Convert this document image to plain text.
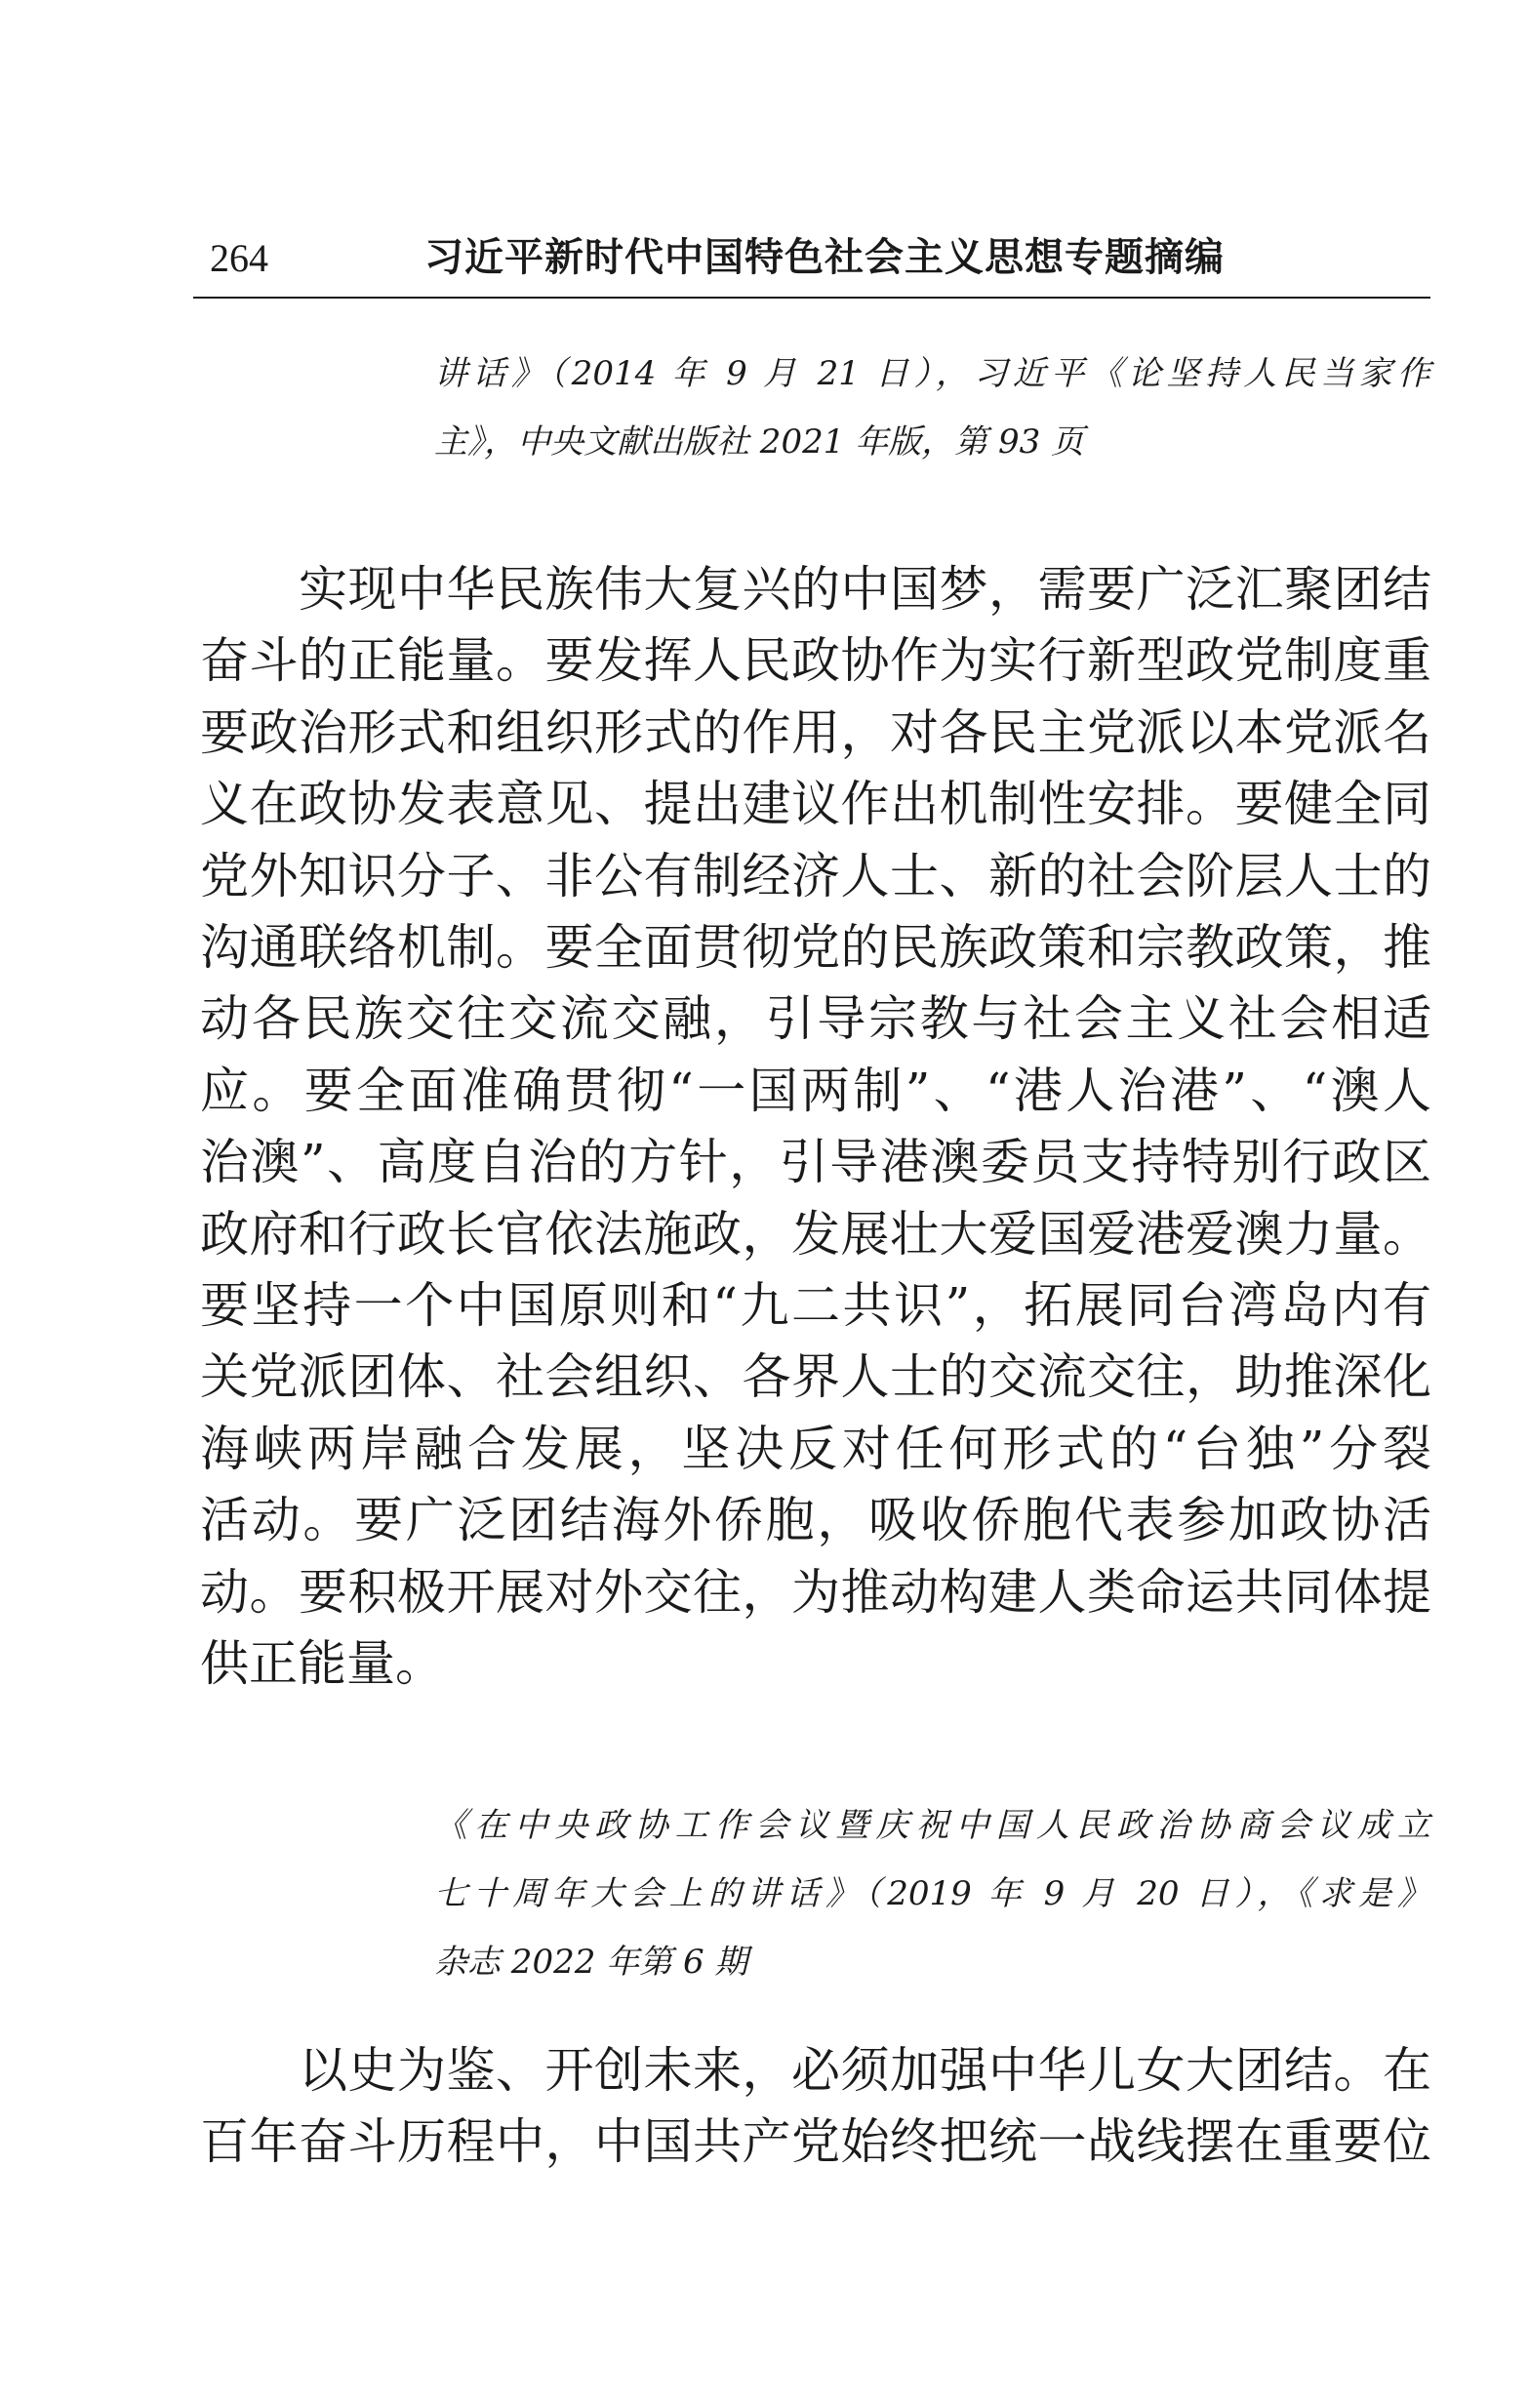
264	习近平新时代中国特色社会主义思想专题摘编

讲话》（2014 年 9 月 21 日），习近平《论坚持人民当家作

主》，中央文献出版社 2021 年版，第 93 页

　　实现中华民族伟大复兴的中国梦，需要广泛汇聚团结

奋斗的正能量。要发挥人民政协作为实行新型政党制度重

要政治形式和组织形式的作用，对各民主党派以本党派名

义在政协发表意见、提出建议作出机制性安排。要健全同

党外知识分子、非公有制经济人士、新的社会阶层人士的

沟通联络机制。要全面贯彻党的民族政策和宗教政策，推

动各民族交往交流交融，引导宗教与社会主义社会相适

应。要全面准确贯彻“一国两制”、“港人治港”、“澳人

治澳”、高度自治的方针，引导港澳委员支持特别行政区

政府和行政长官依法施政，发展壮大爱国爱港爱澳力量。

要坚持一个中国原则和“九二共识”，拓展同台湾岛内有

关党派团体、社会组织、各界人士的交流交往，助推深化

海峡两岸融合发展，坚决反对任何形式的“台独”分裂

活动。要广泛团结海外侨胞，吸收侨胞代表参加政协活

动。要积极开展对外交往，为推动构建人类命运共同体提

供正能量。

《在中央政协工作会议暨庆祝中国人民政治协商会议成立

七十周年大会上的讲话》（2019 年 9 月 20 日），《求是》

杂志 2022 年第 6 期

　　以史为鉴、开创未来，必须加强中华儿女大团结。在

百年奋斗历程中，中国共产党始终把统一战线摆在重要位
